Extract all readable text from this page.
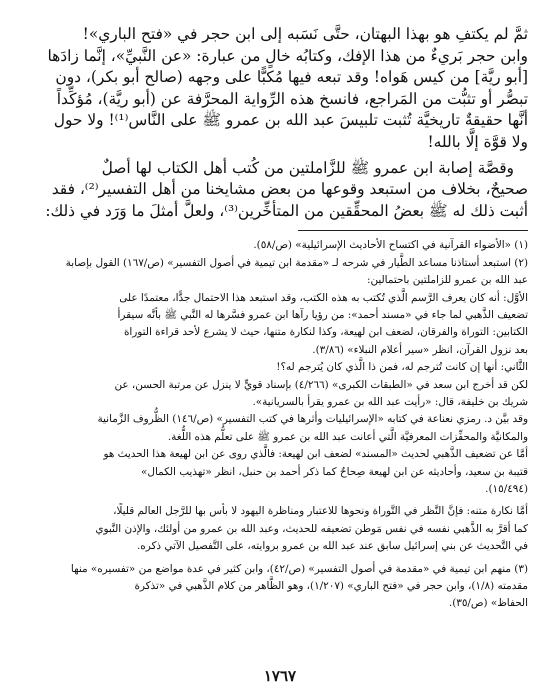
ثمَّ لم يكتفِ هو بهذا البهتان، حتَّى نَسَبه إلى ابن حجر في «فتح الباري»!
وابن حجر بَريءٌ من هذا الإفك، وكتابُه خالٍ من عبارة: «عن النَّبيِّ»، إنَّما زادَها
[أبو ريَّة] من كيس هَواه! وقد تبعه فيها مُكبًّا على وجهه (صالح أبو بكر)، دون
تبصُّر أو تثبُّت من المَراجع، فانسخ هذه الرِّواية المحرَّفة عن (أبو ريَّة)، مُؤكِّداً
أنَّها حقيقةٌ تاريخيَّة تُثبت تلبيسَ عبد الله بن عمرو ﷺ على النَّاس⁽¹⁾! ولا حول
ولا قوَّة إلَّا بالله!

وقصَّة إصابة ابن عمرو ﷺ للزَّاملتين من كُتب أهل الكتاب لها أصلٌ
صحيحٌ، بخلاف من استبعد وقوعها من بعض مشايخنا من أهل التفسير⁽²⁾، فقد
أثبت ذلك له ﷺ بعضُ المحقِّقين من المتأخِّرين⁽³⁾، ولعلَّ أمثلَ ما وَرَد في ذلك:

(١) «الأضواء القرآنية في اكتساح الأحاديث الإسرائيلية» (ص/٥٨).

(٢) استبعد أستاذنا مساعد الطَّيار في شرحه لـ «مقدمة ابن تيمية في أصول التفسير» (ص/١٦٧) القول بإصابة
عبد الله بن عمرو للزاملتين باحتمالين:

الأوَّل: أنه كان يعرف الرَّسم الَّذي تُكتب به هذه الكتب، وقد استبعد هذا الاحتمال جدًّا، معتمدًا على
تضعيف الذَّهبي لما جاء في «مسند أحمد»: من رؤيا رآها ابن عمرو فسَّرها له النَّبي ﷺ بأنَّه سيقرأ
الكتابين: التوراة والفرقان، لضعف ابن لهيعة، وكذا لنكارة متنها، حيث لا يشرع لأحد قراءة التوراة
بعد نزول القرآن، انظر «سير أعلام النبلاء» (٣/٨٦).

الثَّاني: أنها إن كانت تُترجم له، فمن ذا الَّذي كان يُترجم له؟!
لكن قد أخرج ابن سعد في «الطبقات الكبرى» (٤/٢٦٦) بإسناد قويٍّ لا ينزل عن مرتبة الحسن، عن
شريك بن خليفة، قال: «رأيت عبد الله بن عمرو يقرأ بالسريانية».
وقد بيَّن د. رمزي نعناعة في كتابه «الإسرائيليات وأثرها في كتب التفسير» (ص/١٤٦) الظُّروف الزَّمانية
والمكانيَّة والمحفِّزات المعرفيَّة الَّتي أعانت عبد الله بن عمرو ﷺ على تعلُّم هذه اللُّغة.
أمَّا عن تضعيف الذَّهبي لحديث «المسند» لضعف ابن لهيعة: فالَّذي روى عن ابن لهيعة هذا الحديث هو
قتيبة بن سعيد، وأحاديثه عن ابن لهيعة صِحاحٌ كما ذكر أحمد بن حنبل، انظر «تهذيب الكمال»
(١٥/٤٩٤).

أمَّا نكارة متنه: فإنَّ النَّظر في التَّوراة ونحوها للاعتبار ومناظرة اليهود لا بأس بها للرَّجل العالم قليلًا،
كما أقرَّ به الذَّهبي نفسه في نفس مَوطن تضعيفه للحديث، وعبد الله بن عمرو من أولئك، والإذن النَّبوي
في التَّحديث عن بني إسرائيل سابق عند عبد الله بن عمرو بروايته، على التَّفصيل الآتي ذكره.

(٣) منهم ابن تيمية في «مقدمة في أصول التفسير» (ص/٤٢)، وابن كثير في عدة مواضع من «تفسيره» منها
مقدمته (١/٨)، وابن حجر في «فتح الباري» (١/٢٠٧)، وهو الظَّاهر من كلام الذَّهبي في «تذكرة
الحفاظ» (ص/٣٥).

١٧٦٧
